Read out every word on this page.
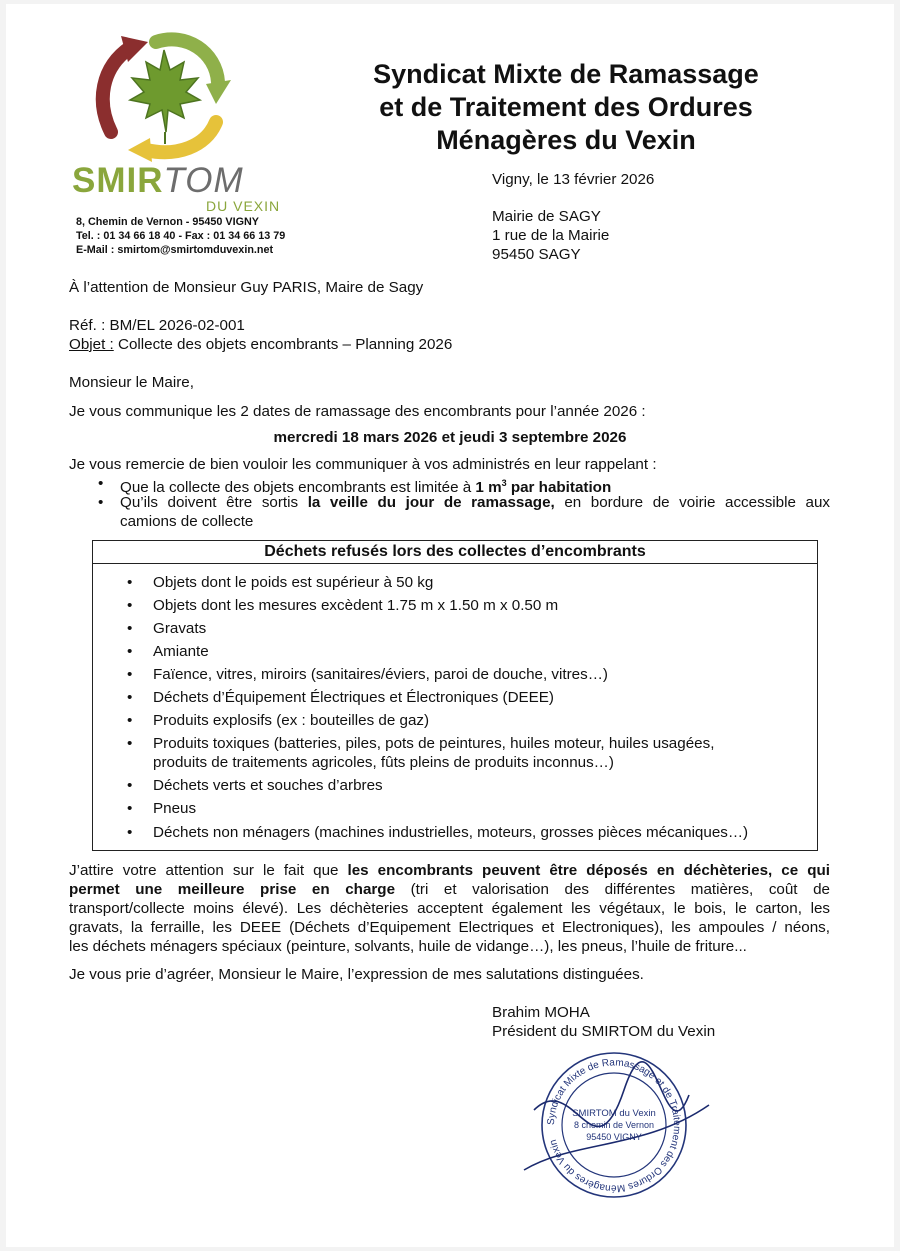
SMIRTOM
DU VEXIN
8, Chemin de Vernon - 95450 VIGNY
Tel. : 01 34 66 18 40 - Fax : 01 34 66 13 79
E-Mail : smirtom@smirtomduvexin.net
Syndicat Mixte de Ramassage
et de Traitement des Ordures
Ménagères du Vexin
Vigny, le 13 février 2026
Mairie de SAGY
1 rue de la Mairie
95450 SAGY
À l’attention de Monsieur Guy PARIS, Maire de Sagy
Réf. : BM/EL 2026-02-001
Objet : Collecte des objets encombrants – Planning 2026
Monsieur le Maire,
Je vous communique les 2 dates de ramassage des encombrants pour l’année 2026 :
mercredi 18 mars 2026 et jeudi 3 septembre 2026
Je vous remercie de bien vouloir les communiquer à vos administrés en leur rappelant :
• Que la collecte des objets encombrants est limitée à 1 $m^3$ par habitation
• Qu’ils doivent être sortis la veille du jour de ramassage, en bordure de voirie accessible aux
camions de collecte
Déchets refusés lors des collectes d’encombrants
• Objets dont le poids est supérieur à 50 kg
• Objets dont les mesures excèdent 1.75 m x 1.50 m x 0.50 m
• Gravats
• Amiante
• Faïence, vitres, miroirs (sanitaires/éviers, paroi de douche, vitres…)
• Déchets d’Équipement Électriques et Électroniques (DEEE)
• Produits explosifs (ex : bouteilles de gaz)
• Produits toxiques (batteries, piles, pots de peintures, huiles moteur, huiles usagées,
produits de traitements agricoles, fûts pleins de produits inconnus…)
• Déchets verts et souches d’arbres
• Pneus
• Déchets non ménagers (machines industrielles, moteurs, grosses pièces mécaniques…)
J’attire votre attention sur le fait que les encombrants peuvent être déposés en déchèteries, ce qui
permet une meilleure prise en charge (tri et valorisation des différentes matières, coût de
transport/collecte moins élevé). Les déchèteries acceptent également les végétaux, le bois, le carton, les
gravats, la ferraille, les DEEE (Déchets d’Equipement Electriques et Electroniques), les ampoules / néons,
les déchets ménagers spéciaux (peinture, solvants, huile de vidange…), les pneus, l’huile de friture...
Je vous prie d’agréer, Monsieur le Maire, l’expression de mes salutations distinguées.
Brahim MOHA
Président du SMIRTOM du Vexin
Syndicat Mixte de Ramassage et de Traitement des Ordures Ménagères du Vexin
SMIRTOM du Vexin
8 chemin de Vernon
95450 VIGNY
